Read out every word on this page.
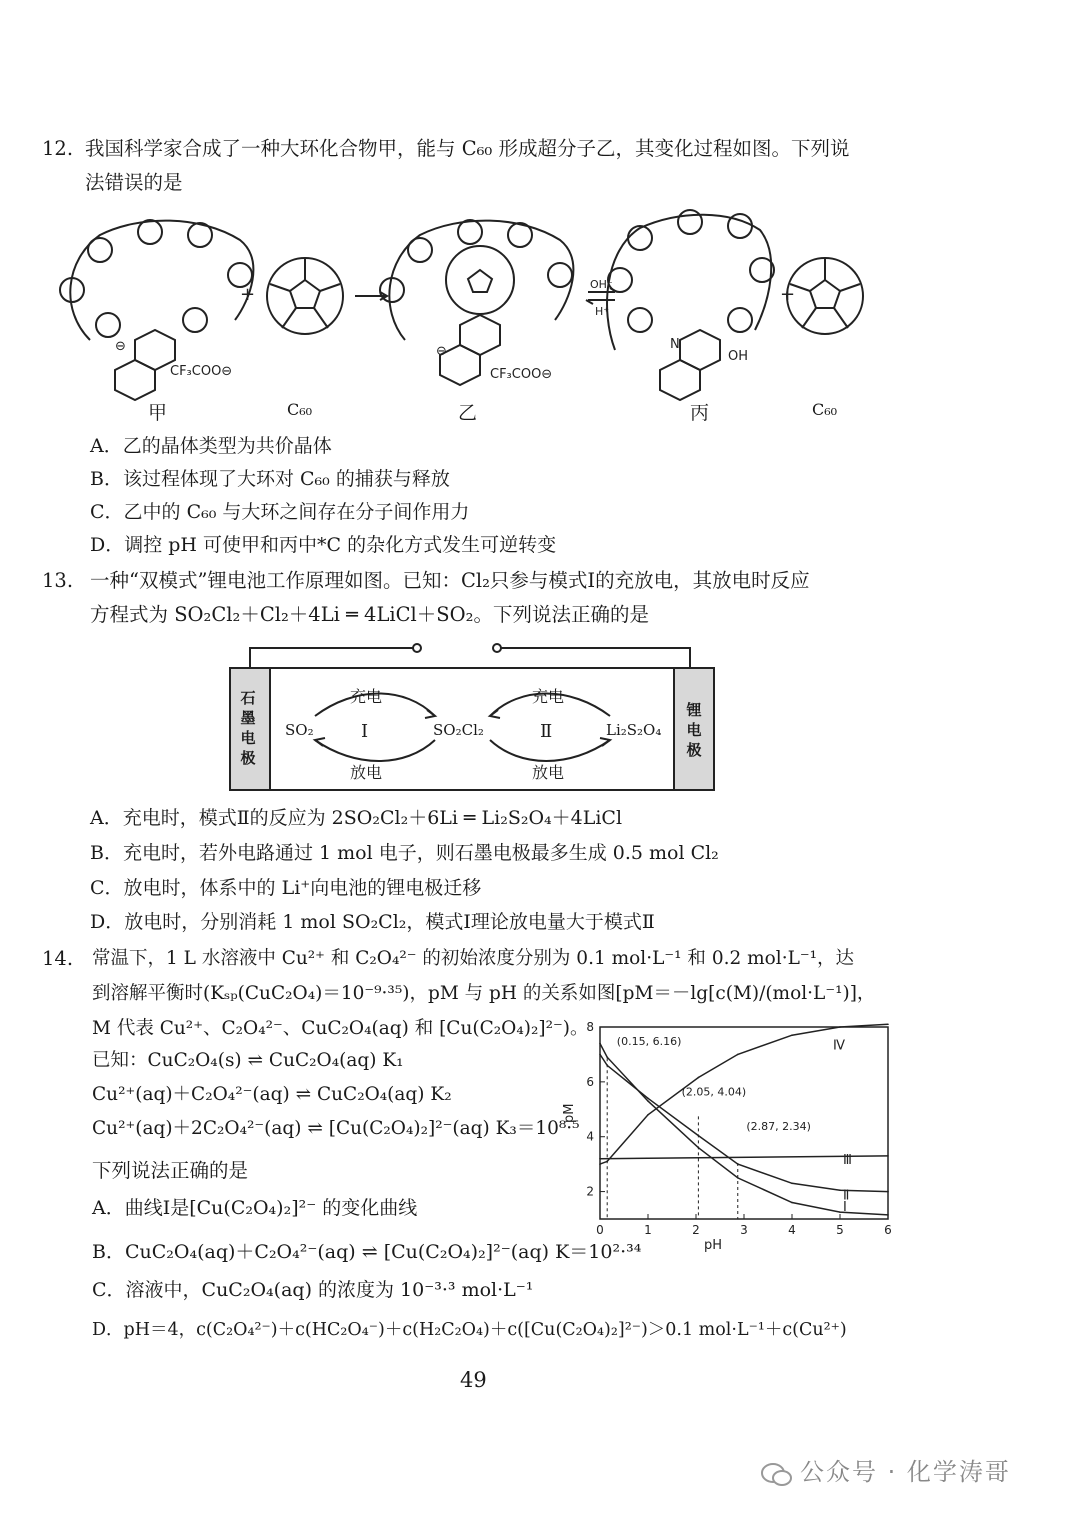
12. 我国科学家合成了一种大环化合物甲，能与 C₆₀ 形成超分子乙，其变化过程如图。下列说
法错误的是
+	+
CF₃COO⊖	CF₃COO⊖
⊖	⊖
OH⁻
H⁺
OH
N
甲	C₆₀	乙	丙	C₆₀
A．乙的晶体类型为共价晶体
B．该过程体现了大环对 C₆₀ 的捕获与释放
C．乙中的 C₆₀ 与大环之间存在分子间作用力
D．调控 pH 可使甲和丙中*C 的杂化方式发生可逆转变
13. 一种“双模式”锂电池工作原理如图。已知：Cl₂只参与模式Ⅰ的充放电，其放电时反应
方程式为 SO₂Cl₂＋Cl₂＋4Li ═ 4LiCl＋SO₂。下列说法正确的是
石
墨
电
极
锂
电
极
充电	充电
放电	放电
SO₂	Ⅰ	SO₂Cl₂	Ⅱ	Li₂S₂O₄
A．充电时，模式Ⅱ的反应为 2SO₂Cl₂＋6Li ═ Li₂S₂O₄＋4LiCl
B．充电时，若外电路通过 1 mol 电子，则石墨电极最多生成 0.5 mol Cl₂
C．放电时，体系中的 Li⁺向电池的锂电极迁移
D．放电时，分别消耗 1 mol SO₂Cl₂，模式Ⅰ理论放电量大于模式Ⅱ
14. 常温下，1 L 水溶液中 Cu²⁺ 和 C₂O₄²⁻ 的初始浓度分别为 0.1 mol·L⁻¹ 和 0.2 mol·L⁻¹，达
到溶解平衡时(Kₛₚ(CuC₂O₄)＝10⁻⁹·³⁵)，pM 与 pH 的关系如图[pM＝－lg[c(M)/(mol·L⁻¹)]，
M 代表 Cu²⁺、C₂O₄²⁻、CuC₂O₄(aq) 和 [Cu(C₂O₄)₂]²⁻)。
已知：CuC₂O₄(s) ⇌ CuC₂O₄(aq) K₁
Cu²⁺(aq)＋C₂O₄²⁻(aq) ⇌ CuC₂O₄(aq) K₂
Cu²⁺(aq)＋2C₂O₄²⁻(aq) ⇌ [Cu(C₂O₄)₂]²⁻(aq) K₃＝10⁸·⁵
下列说法正确的是
0	1	2	3	4	5	6
2
4
6
8
pH
pM
Ⅰ
Ⅱ
Ⅲ
Ⅳ
(0.15, 6.16)
(2.05, 4.04)
(2.87, 2.34)
A．曲线Ⅰ是[Cu(C₂O₄)₂]²⁻ 的变化曲线
B．CuC₂O₄(aq)＋C₂O₄²⁻(aq) ⇌ [Cu(C₂O₄)₂]²⁻(aq) K＝10²·³⁴
C．溶液中，CuC₂O₄(aq) 的浓度为 10⁻³·³ mol·L⁻¹
D．pH＝4，c(C₂O₄²⁻)＋c(HC₂O₄⁻)＋c(H₂C₂O₄)＋c([Cu(C₂O₄)₂]²⁻)＞0.1 mol·L⁻¹＋c(Cu²⁺)
49
公众号 · 化学涛哥
